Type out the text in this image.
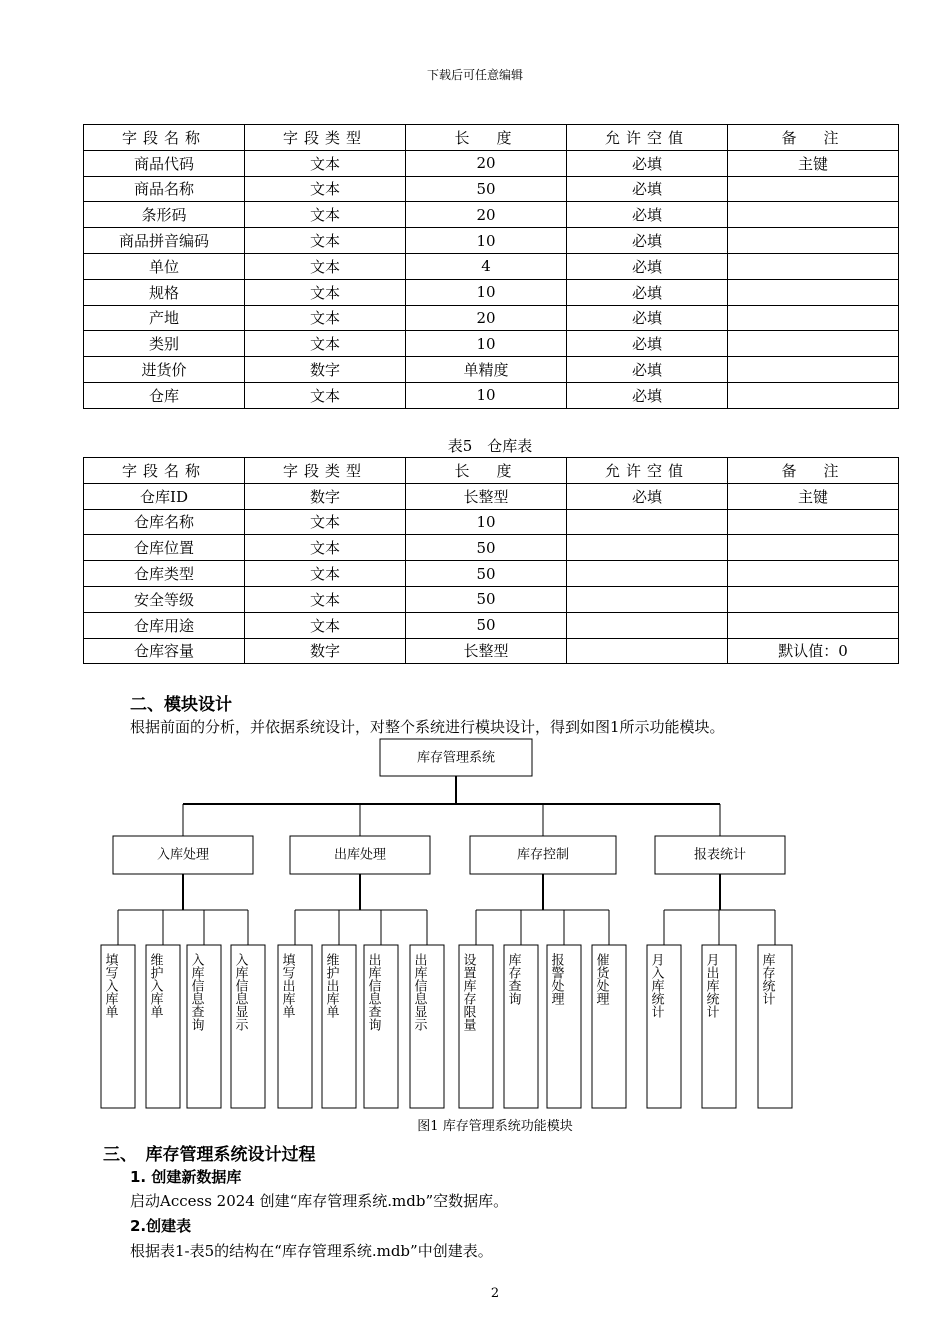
下载后可任意编辑
字段名称	字段类型	长　度	允许空值	备　注
商品代码	文本	20	必填	主键
商品名称	文本	50	必填	
条形码	文本	20	必填	
商品拼音编码	文本	10	必填	
单位	文本	4	必填	
规格	文本	10	必填	
产地	文本	20	必填	
类别	文本	10	必填	
进货价	数字	单精度	必填	
仓库	文本	10	必填	
表5　仓库表
字段名称	字段类型	长　度	允许空值	备　注
仓库ID	数字	长整型	必填	主键
仓库名称	文本	10		
仓库位置	文本	50		
仓库类型	文本	50		
安全等级	文本	50		
仓库用途	文本	50		
仓库容量	数字	长整型		默认值：0
二、模块设计
根据前面的分析，并依据系统设计，对整个系统进行模块设计，得到如图1所示功能模块。
库存管理系统
入库处理
填写入库单 维护入库单 入库信息查询 入库信息显示
出库处理
填写出库单 维护出库单 出库信息查询 出库信息显示
库存控制
设置库存限量 库存查询 报警处理 催货处理
报表统计
月入库统计	月出库统计	库存统计
图1 库存管理系统功能模块
三、　库存管理系统设计过程
1. 创建新数据库
启动Access 2024 创建“库存管理系统.mdb”空数据库。
2.创建表
根据表1-表5的结构在“库存管理系统.mdb”中创建表。
2
